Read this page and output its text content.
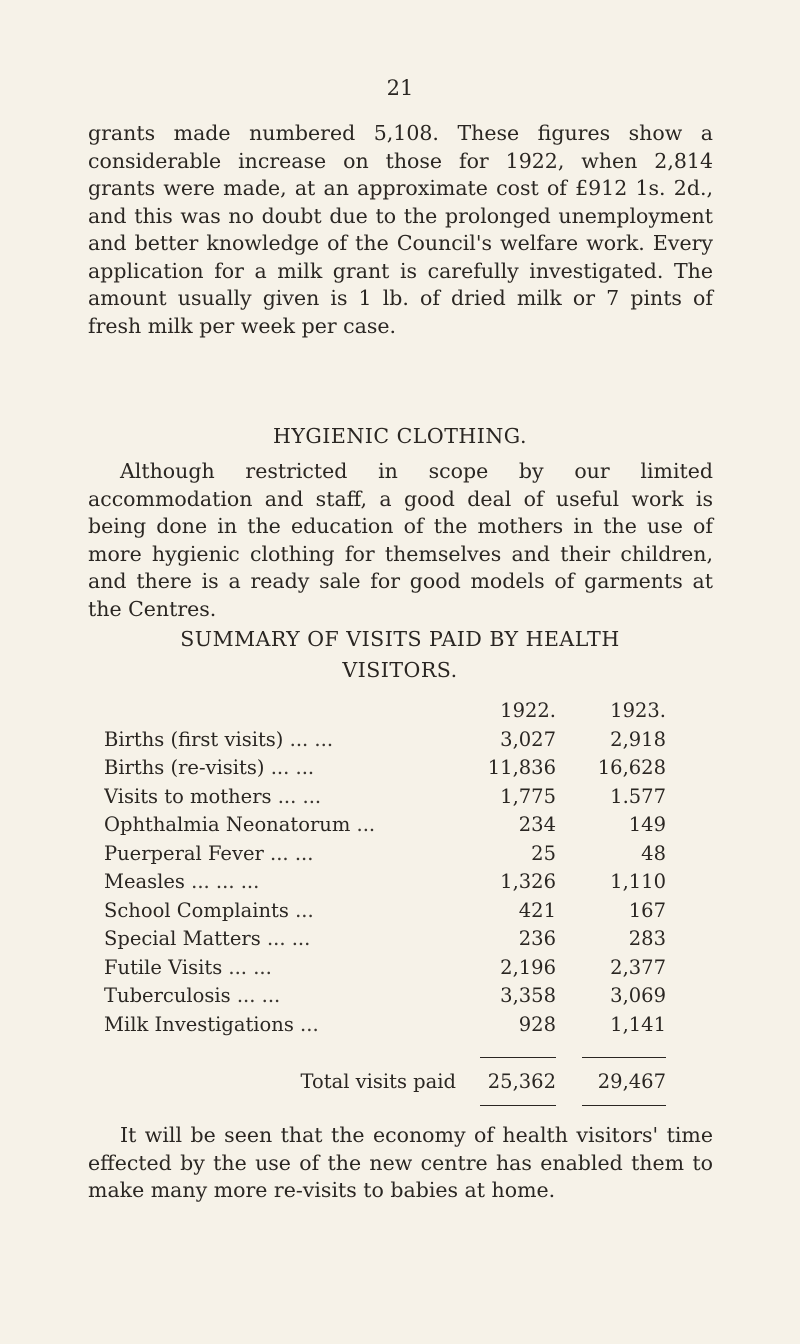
21

grants made numbered 5,108. These figures show a considerable increase on those for 1922, when 2,814 grants were made, at an approximate cost of £912 1s. 2d., and this was no doubt due to the prolonged unemployment and better knowledge of the Council's welfare work. Every application for a milk grant is carefully investigated. The amount usually given is 1 lb. of dried milk or 7 pints of fresh milk per week per case.

HYGIENIC CLOTHING.

Although restricted in scope by our limited accommodation and staff, a good deal of useful work is being done in the education of the mothers in the use of more hygienic clothing for themselves and their children, and there is a ready sale for good models of garments at the Centres.

SUMMARY OF VISITS PAID BY HEALTH
VISITORS.
	1922.	1923.
Births (first visits) ... ...	3,027	2,918
Births (re-visits) ... ...	11,836	16,628
Visits to mothers ... ...	1,775	1.577
Ophthalmia Neonatorum ...	234	149
Puerperal Fever ... ...	25	48
Measles ... ... ...	1,326	1,110
School Complaints ...	421	167
Special Matters ... ...	236	283
Futile Visits ... ...	2,196	2,377
Tuberculosis ... ...	3,358	3,069
Milk Investigations ...	928	1,141
Total visits paid	25,362	29,467

It will be seen that the economy of health visitors' time effected by the use of the new centre has enabled them to make many more re-visits to babies at home.
